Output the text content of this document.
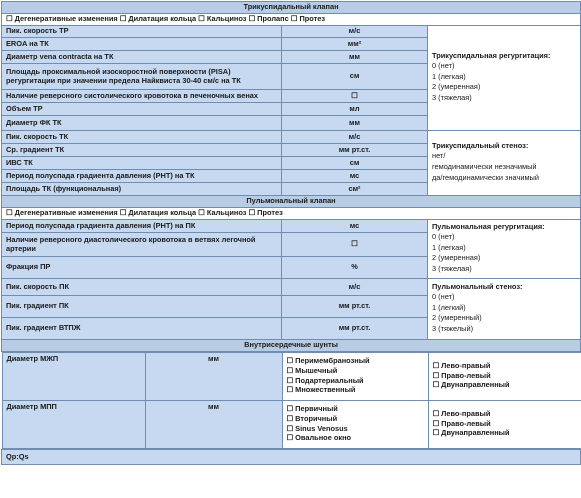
Трикуспидальный клапан
☐ Дегенеративные изменения ☐ Дилатация кольца ☐ Кальциноз ☐ Пролапс ☐ Протез
Пик. скорость ТР	м/с	
Трикуспидальная регургитация:
0 (нет)
1 (легкая)
2 (умеренная)
3 (тяжелая)

EROA на ТК	мм²
Диаметр vena contracta на ТК	мм
Площадь проксимальной изоскоростной поверхности (PISA) регургитации при значении предела Найквиста 30-40 см/с на ТК	см
Наличие реверсного систолического кровотока в печеночных венах	☐
Объем ТР	мл
Диаметр ФК ТК	мм
Пик. скорость ТК	м/с	
Трикуспидальный стеноз:
нет/
гемодинамически незначимый
да/гемодинамически значимый

Ср. градиент ТК	мм рт.ст.
ИВС ТК	см
Период полуспада градиента давления (РНТ) на ТК	мс
Площадь ТК (функциональная)	см²
Пульмональный клапан
☐ Дегенеративные изменения ☐ Дилатация кольца ☐ Кальциноз ☐ Протез
Период полуспада градиента давления (РНТ) на ПК	мс	Пульмональная регургитация:
0 (нет)
1 (легкая)
2 (умеренная)
3 (тяжелая)

Наличие реверсного диастолического кровотока в ветвях легочной артерии	☐
Фракция ПР	%
Пик. скорость ПК	м/с	Пульмональный стеноз:
0 (нет)
1 (легкий)
2 (умеренный)
3 (тяжелый)

Пик. градиент ПК	мм рт.ст.
Пик. градиент ВТПЖ	мм рт.ст.
Внутрисердечные шунты

Диаметр МЖП	мм	☐ Перимембранозный
☐ Мышечный
☐ Подартериальный
☐ Множественный

☐ Лево-правый
☐ Право-левый
☐ Двунаправленный

Диаметр МПП	мм	☐ Первичный
☐ Вторичный
☐ Sinus Venosus
☐ Овальное окно

☐ Лево-правый
☐ Право-левый
☐ Двунаправленный

Qp:Qs
